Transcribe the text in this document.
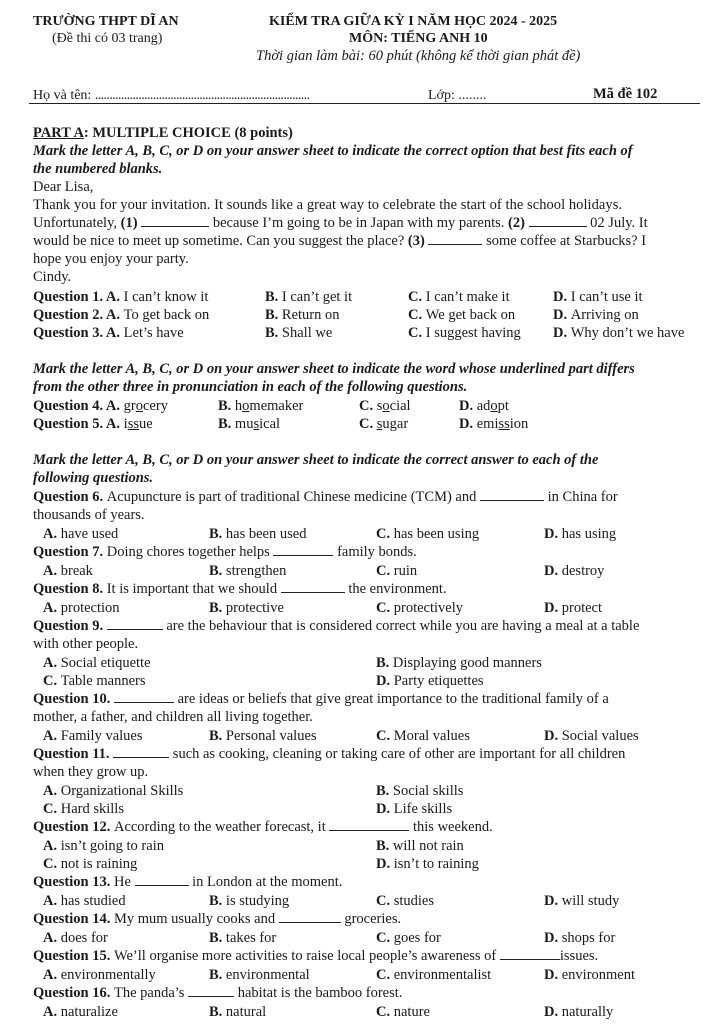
TRƯỜNG THPT DĨ AN
(Đề thi có 03 trang)
KIỂM TRA GIỮA KỲ I NĂM HỌC 2024 - 2025
MÔN: TIẾNG ANH 10
Thời gian làm bài: 60 phút (không kể thời gian phát đề)
Họ và tên: ..........................................................................	Lớp: ........	Mã đề 102
PART A: MULTIPLE CHOICE (8 points)
Mark the letter A, B, C, or D on your answer sheet to indicate the correct option that best fits each of
the numbered blanks.
Dear Lisa,
Thank you for your invitation. It sounds like a great way to celebrate the start of the school holidays.
Unfortunately, (1)	because I’m going to be in Japan with my parents. (2)	02 July. It
would be nice to meet up sometime. Can you suggest the place? (3)	some coffee at Starbucks? I
hope you enjoy your party.
Cindy.
Question 1. A. I can’t know it	B. I can’t get it	C. I can’t make it	D. I can’t use it
Question 2. A. To get back on	B. Return on	C. We get back on	D. Arriving on
Question 3. A. Let’s have	B. Shall we	C. I suggest having D. Why don’t we have
Mark the letter A, B, C, or D on your answer sheet to indicate the word whose underlined part differs
from the other three in pronunciation in each of the following questions.
Question 4. A. grocery	B. homemaker	C. social	D. adopt
Question 5. A. issue	B. musical	C. sugar	D. emission
Mark the letter A, B, C, or D on your answer sheet to indicate the correct answer to each of the
following questions.
Question 6. Acupuncture is part of traditional Chinese medicine (TCM) and	in China for
thousands of years.
A. have used	B. has been used	C. has been using	D. has using
Question 7. Doing chores together helps	family bonds.
A. break	B. strengthen	C. ruin	D. destroy
Question 8. It is important that we should	the environment.
A. protection	B. protective	C. protectively	D. protect
Question 9.	are the behaviour that is considered correct while you are having a meal at a table
with other people.
A. Social etiquette	B. Displaying good manners
C. Table manners	D. Party etiquettes
Question 10.	are ideas or beliefs that give great importance to the traditional family of a
mother, a father, and children all living together.
A. Family values	B. Personal values	C. Moral values	D. Social values
Question 11.	such as cooking, cleaning or taking care of other are important for all children
when they grow up.
A. Organizational Skills	B. Social skills
C. Hard skills	D. Life skills
Question 12. According to the weather forecast, it	this weekend.
A. isn’t going to rain	B. will not rain
C. not is raining	D. isn’t to raining
Question 13. He	in London at the moment.
A. has studied	B. is studying	C. studies	D. will study
Question 14. My mum usually cooks and	groceries.
A. does for	B. takes for	C. goes for	D. shops for
Question 15. We’ll organise more activities to raise local people’s awareness of	issues.
A. environmentally	B. environmental	C. environmentalist	D. environment
Question 16. The panda’s	habitat is the bamboo forest.
A. naturalize	B. natural	C. nature	D. naturally
